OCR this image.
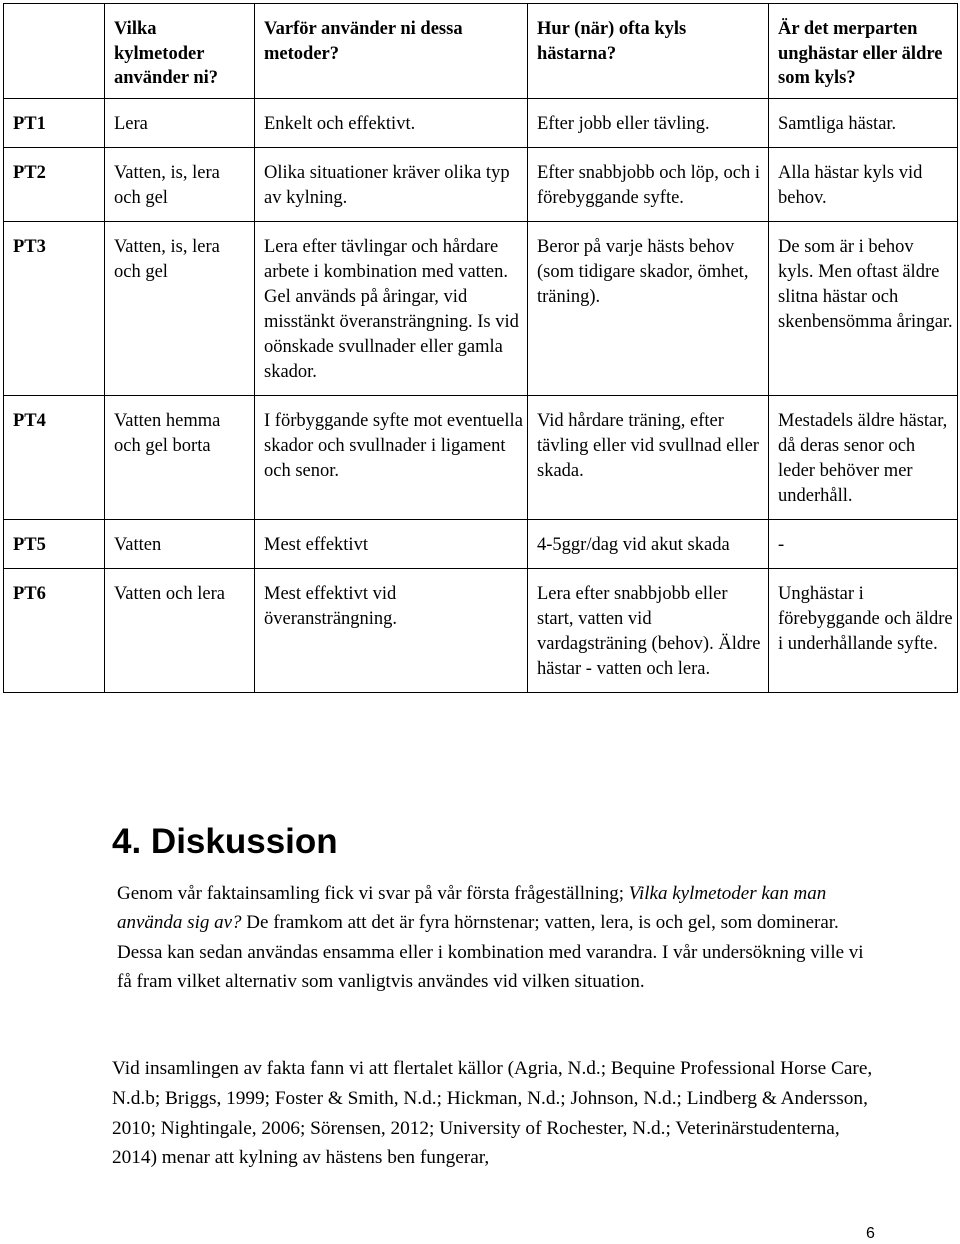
	Vilka kylmetoder använder ni?	Varför använder ni dessa metoder?	Hur (när) ofta kyls hästarna?	Är det merparten unghästar eller äldre som kyls?
PT1	Lera	Enkelt och effektivt.	Efter jobb eller tävling.	Samtliga hästar.
PT2	Vatten, is, lera och gel	Olika situationer kräver olika typ av kylning.	Efter snabbjobb och löp, och i förebyggande syfte.	Alla hästar kyls vid behov.
PT3	Vatten, is, lera och gel	Lera efter tävlingar och hårdare arbete i kombination med vatten. Gel används på åringar, vid misstänkt överansträngning. Is vid oönskade svullnader eller gamla skador.	Beror på varje hästs behov (som tidigare skador, ömhet, träning).	De som är i behov kyls. Men oftast äldre slitna hästar och skenbensömma åringar.
PT4	Vatten hemma och gel borta	I förbyggande syfte mot eventuella skador och svullnader i ligament och senor.	Vid hårdare träning, efter tävling eller vid svullnad eller skada.	Mestadels äldre hästar, då deras senor och leder behöver mer underhåll.
PT5	Vatten	Mest effektivt	4-5ggr/dag vid akut skada	-
PT6	Vatten och lera	Mest effektivt vid överansträngning.	Lera efter snabbjobb eller start, vatten vid vardagsträning (behov). Äldre hästar - vatten och lera.	Unghästar i förebyggande och äldre i underhållande syfte.
4. Diskussion

Genom vår faktainsamling fick vi svar på vår första frågeställning; Vilka kylmetoder kan man använda sig av? De framkom att det är fyra hörnstenar; vatten, lera, is och gel, som dominerar. Dessa kan sedan användas ensamma eller i kombination med varandra. I vår undersökning ville vi få fram vilket alternativ som vanligtvis användes vid vilken situation.

Vid insamlingen av fakta fann vi att flertalet källor (Agria, N.d.; Bequine Professional Horse Care, N.d.b; Briggs, 1999; Foster & Smith, N.d.; Hickman, N.d.; Johnson, N.d.; Lindberg & Andersson, 2010; Nightingale, 2006; Sörensen, 2012; University of Rochester, N.d.; Veterinärstudenterna, 2014) menar att kylning av hästens ben fungerar,

6
